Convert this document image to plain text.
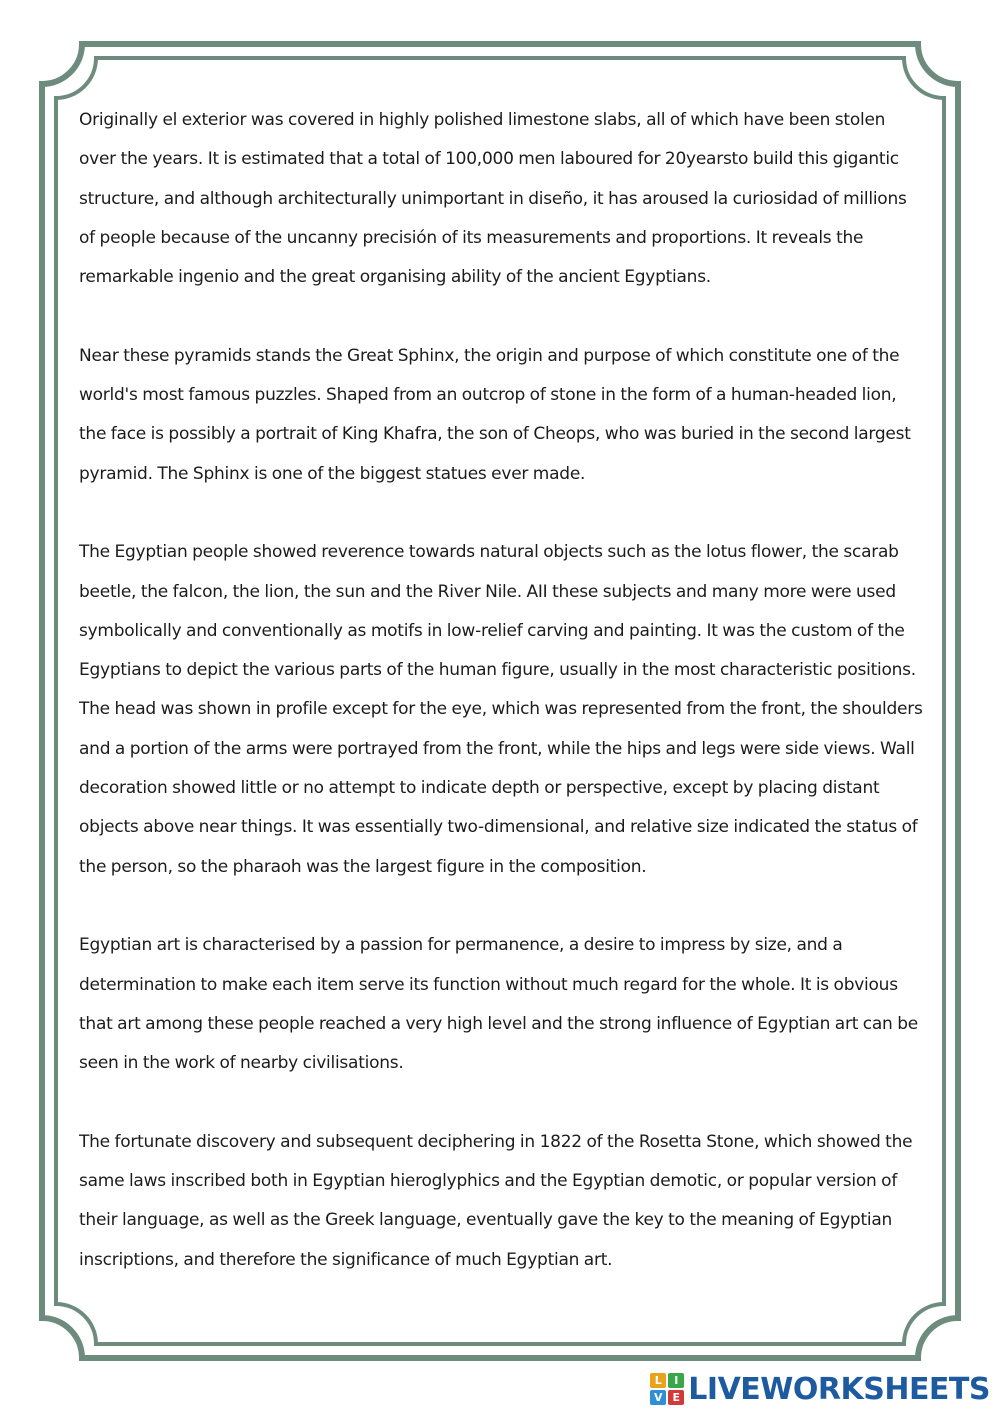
Originally el exterior was covered in highly polished limestone slabs, all of which have been stolen over the years. It is estimated that a total of 100,000 men laboured for 20yearsto build this gigantic structure, and although architecturally unimportant in diseño, it has aroused la curiosidad of millions of people because of the uncanny precisión of its measurements and proportions. It reveals the remarkable ingenio and the great organising ability of the ancient Egyptians.

Near these pyramids stands the Great Sphinx, the origin and purpose of which constitute one of the world's most famous puzzles. Shaped from an outcrop of stone in the form of a human-headed lion, the face is possibly a portrait of King Khafra, the son of Cheops, who was buried in the second largest pyramid. The Sphinx is one of the biggest statues ever made.

The Egyptian people showed reverence towards natural objects such as the lotus flower, the scarab beetle, the falcon, the lion, the sun and the River Nile. AII these subjects and many more were used symbolically and conventionally as motifs in low-relief carving and painting. It was the custom of the Egyptians to depict the various parts of the human figure, usually in the most characteristic positions. The head was shown in profile except for the eye, which was represented from the front, the shoulders and a portion of the arms were portrayed from the front, while the hips and legs were side views. Wall decoration showed little or no attempt to indicate depth or perspective, except by placing distant objects above near things. It was essentially two-dimensional, and relative size indicated the status of the person, so the pharaoh was the largest figure in the composition.

Egyptian art is characterised by a passion for permanence, a desire to impress by size, and a determination to make each item serve its function without much regard for the whole. It is obvious that art among these people reached a very high level and the strong influence of Egyptian art can be seen in the work of nearby civilisations.

The fortunate discovery and subsequent deciphering in 1822 of the Rosetta Stone, which showed the same laws inscribed both in Egyptian hieroglyphics and the Egyptian demotic, or popular version of their language, as well as the Greek language, eventually gave the key to the meaning of Egyptian inscriptions, and therefore the significance of much Egyptian art.

L	I
V E LIVEWORKSHEETS
